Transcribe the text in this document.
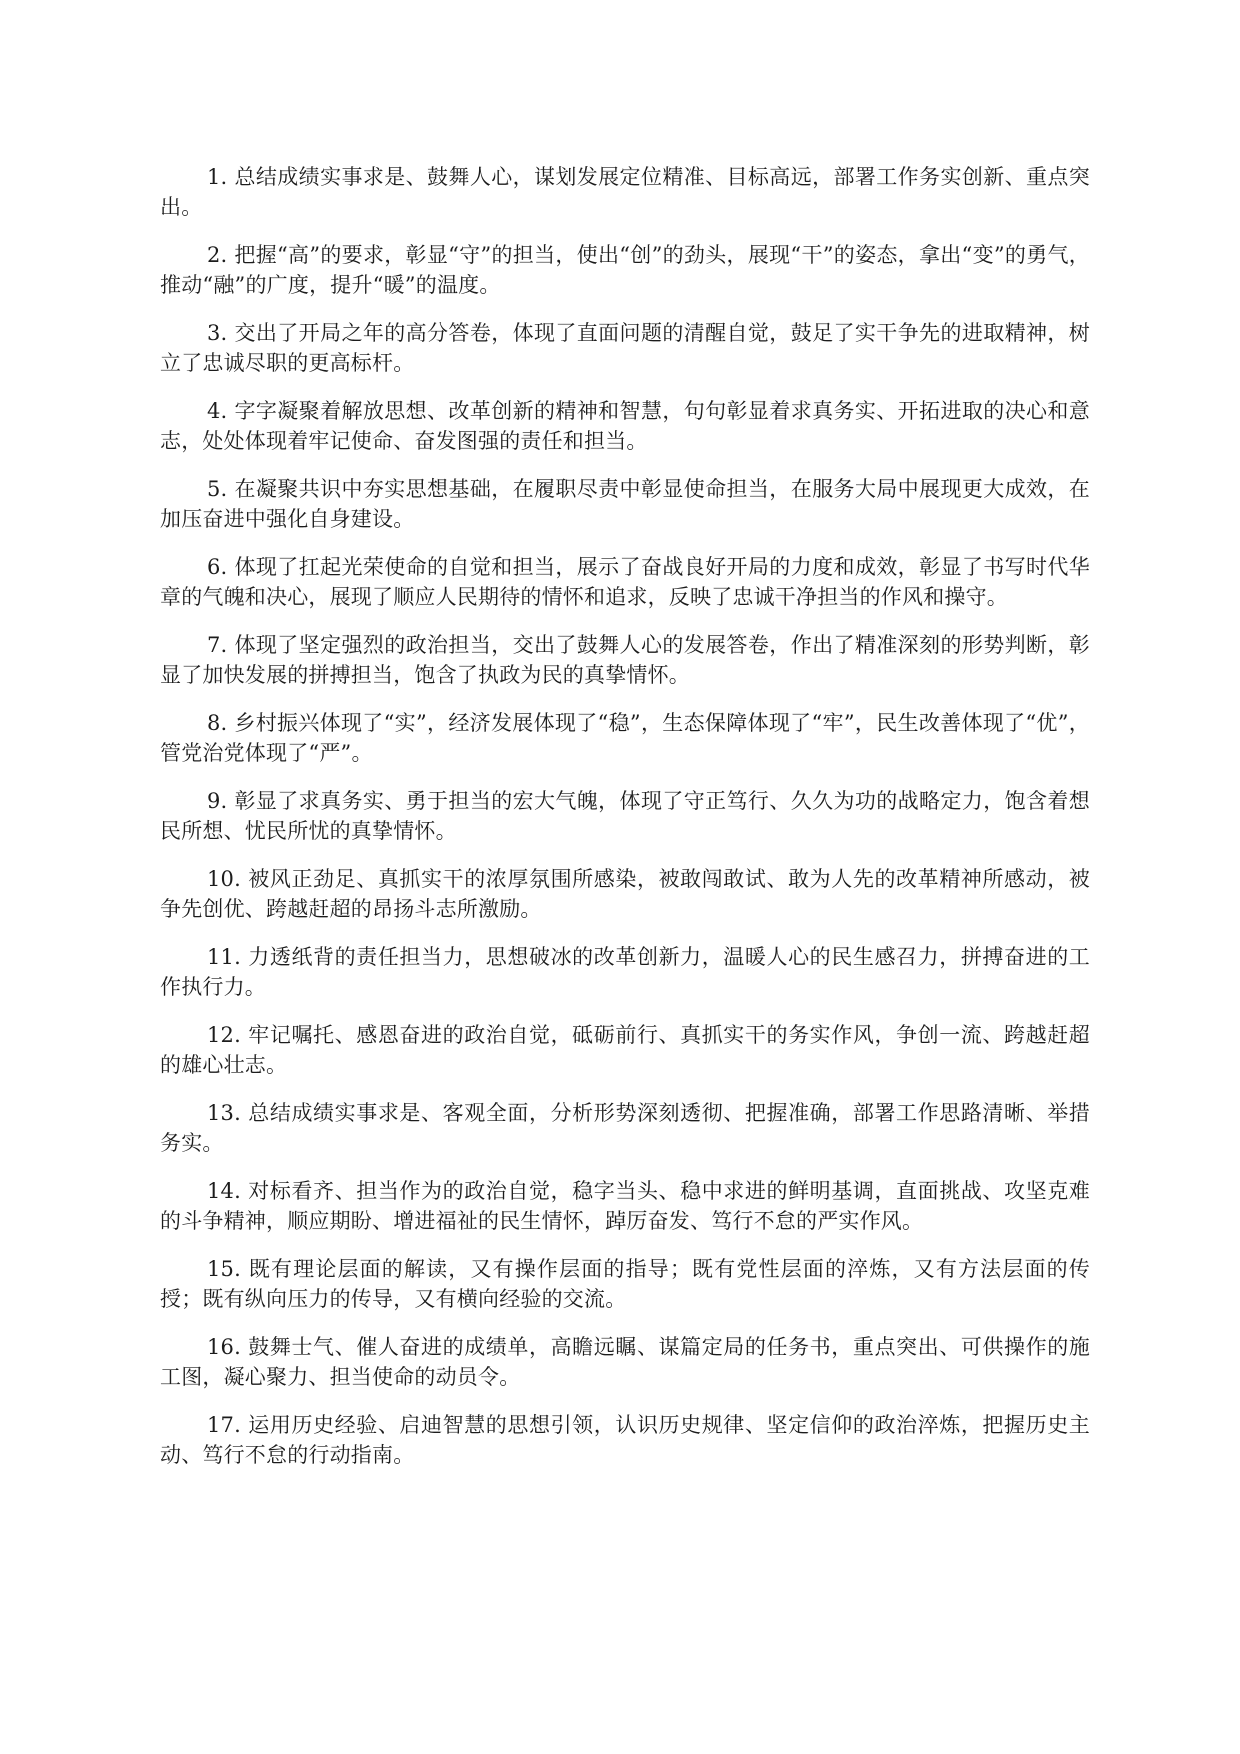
1. 总结成绩实事求是、鼓舞人心，谋划发展定位精准、目标高远，部署工作务实创新、重点突出。

2. 把握“高”的要求，彰显“守”的担当，使出“创”的劲头，展现“干”的姿态，拿出“变”的勇气，推动“融”的广度，提升“暖”的温度。

3. 交出了开局之年的高分答卷，体现了直面问题的清醒自觉，鼓足了实干争先的进取精神，树立了忠诚尽职的更高标杆。

4. 字字凝聚着解放思想、改革创新的精神和智慧，句句彰显着求真务实、开拓进取的决心和意志，处处体现着牢记使命、奋发图强的责任和担当。

5. 在凝聚共识中夯实思想基础，在履职尽责中彰显使命担当，在服务大局中展现更大成效，在加压奋进中强化自身建设。

6. 体现了扛起光荣使命的自觉和担当，展示了奋战良好开局的力度和成效，彰显了书写时代华章的气魄和决心，展现了顺应人民期待的情怀和追求，反映了忠诚干净担当的作风和操守。

7. 体现了坚定强烈的政治担当，交出了鼓舞人心的发展答卷，作出了精准深刻的形势判断，彰显了加快发展的拼搏担当，饱含了执政为民的真挚情怀。

8. 乡村振兴体现了“实”，经济发展体现了“稳”，生态保障体现了“牢”，民生改善体现了“优”，管党治党体现了“严”。

9. 彰显了求真务实、勇于担当的宏大气魄，体现了守正笃行、久久为功的战略定力，饱含着想民所想、忧民所忧的真挚情怀。

10. 被风正劲足、真抓实干的浓厚氛围所感染，被敢闯敢试、敢为人先的改革精神所感动，被争先创优、跨越赶超的昂扬斗志所激励。

11. 力透纸背的责任担当力，思想破冰的改革创新力，温暖人心的民生感召力，拼搏奋进的工作执行力。

12. 牢记嘱托、感恩奋进的政治自觉，砥砺前行、真抓实干的务实作风，争创一流、跨越赶超的雄心壮志。

13. 总结成绩实事求是、客观全面，分析形势深刻透彻、把握准确，部署工作思路清晰、举措务实。

14. 对标看齐、担当作为的政治自觉，稳字当头、稳中求进的鲜明基调，直面挑战、攻坚克难的斗争精神，顺应期盼、增进福祉的民生情怀，踔厉奋发、笃行不怠的严实作风。

15. 既有理论层面的解读，又有操作层面的指导；既有党性层面的淬炼，又有方法层面的传授；既有纵向压力的传导，又有横向经验的交流。

16. 鼓舞士气、催人奋进的成绩单，高瞻远瞩、谋篇定局的任务书，重点突出、可供操作的施工图，凝心聚力、担当使命的动员令。

17. 运用历史经验、启迪智慧的思想引领，认识历史规律、坚定信仰的政治淬炼，把握历史主动、笃行不怠的行动指南。
